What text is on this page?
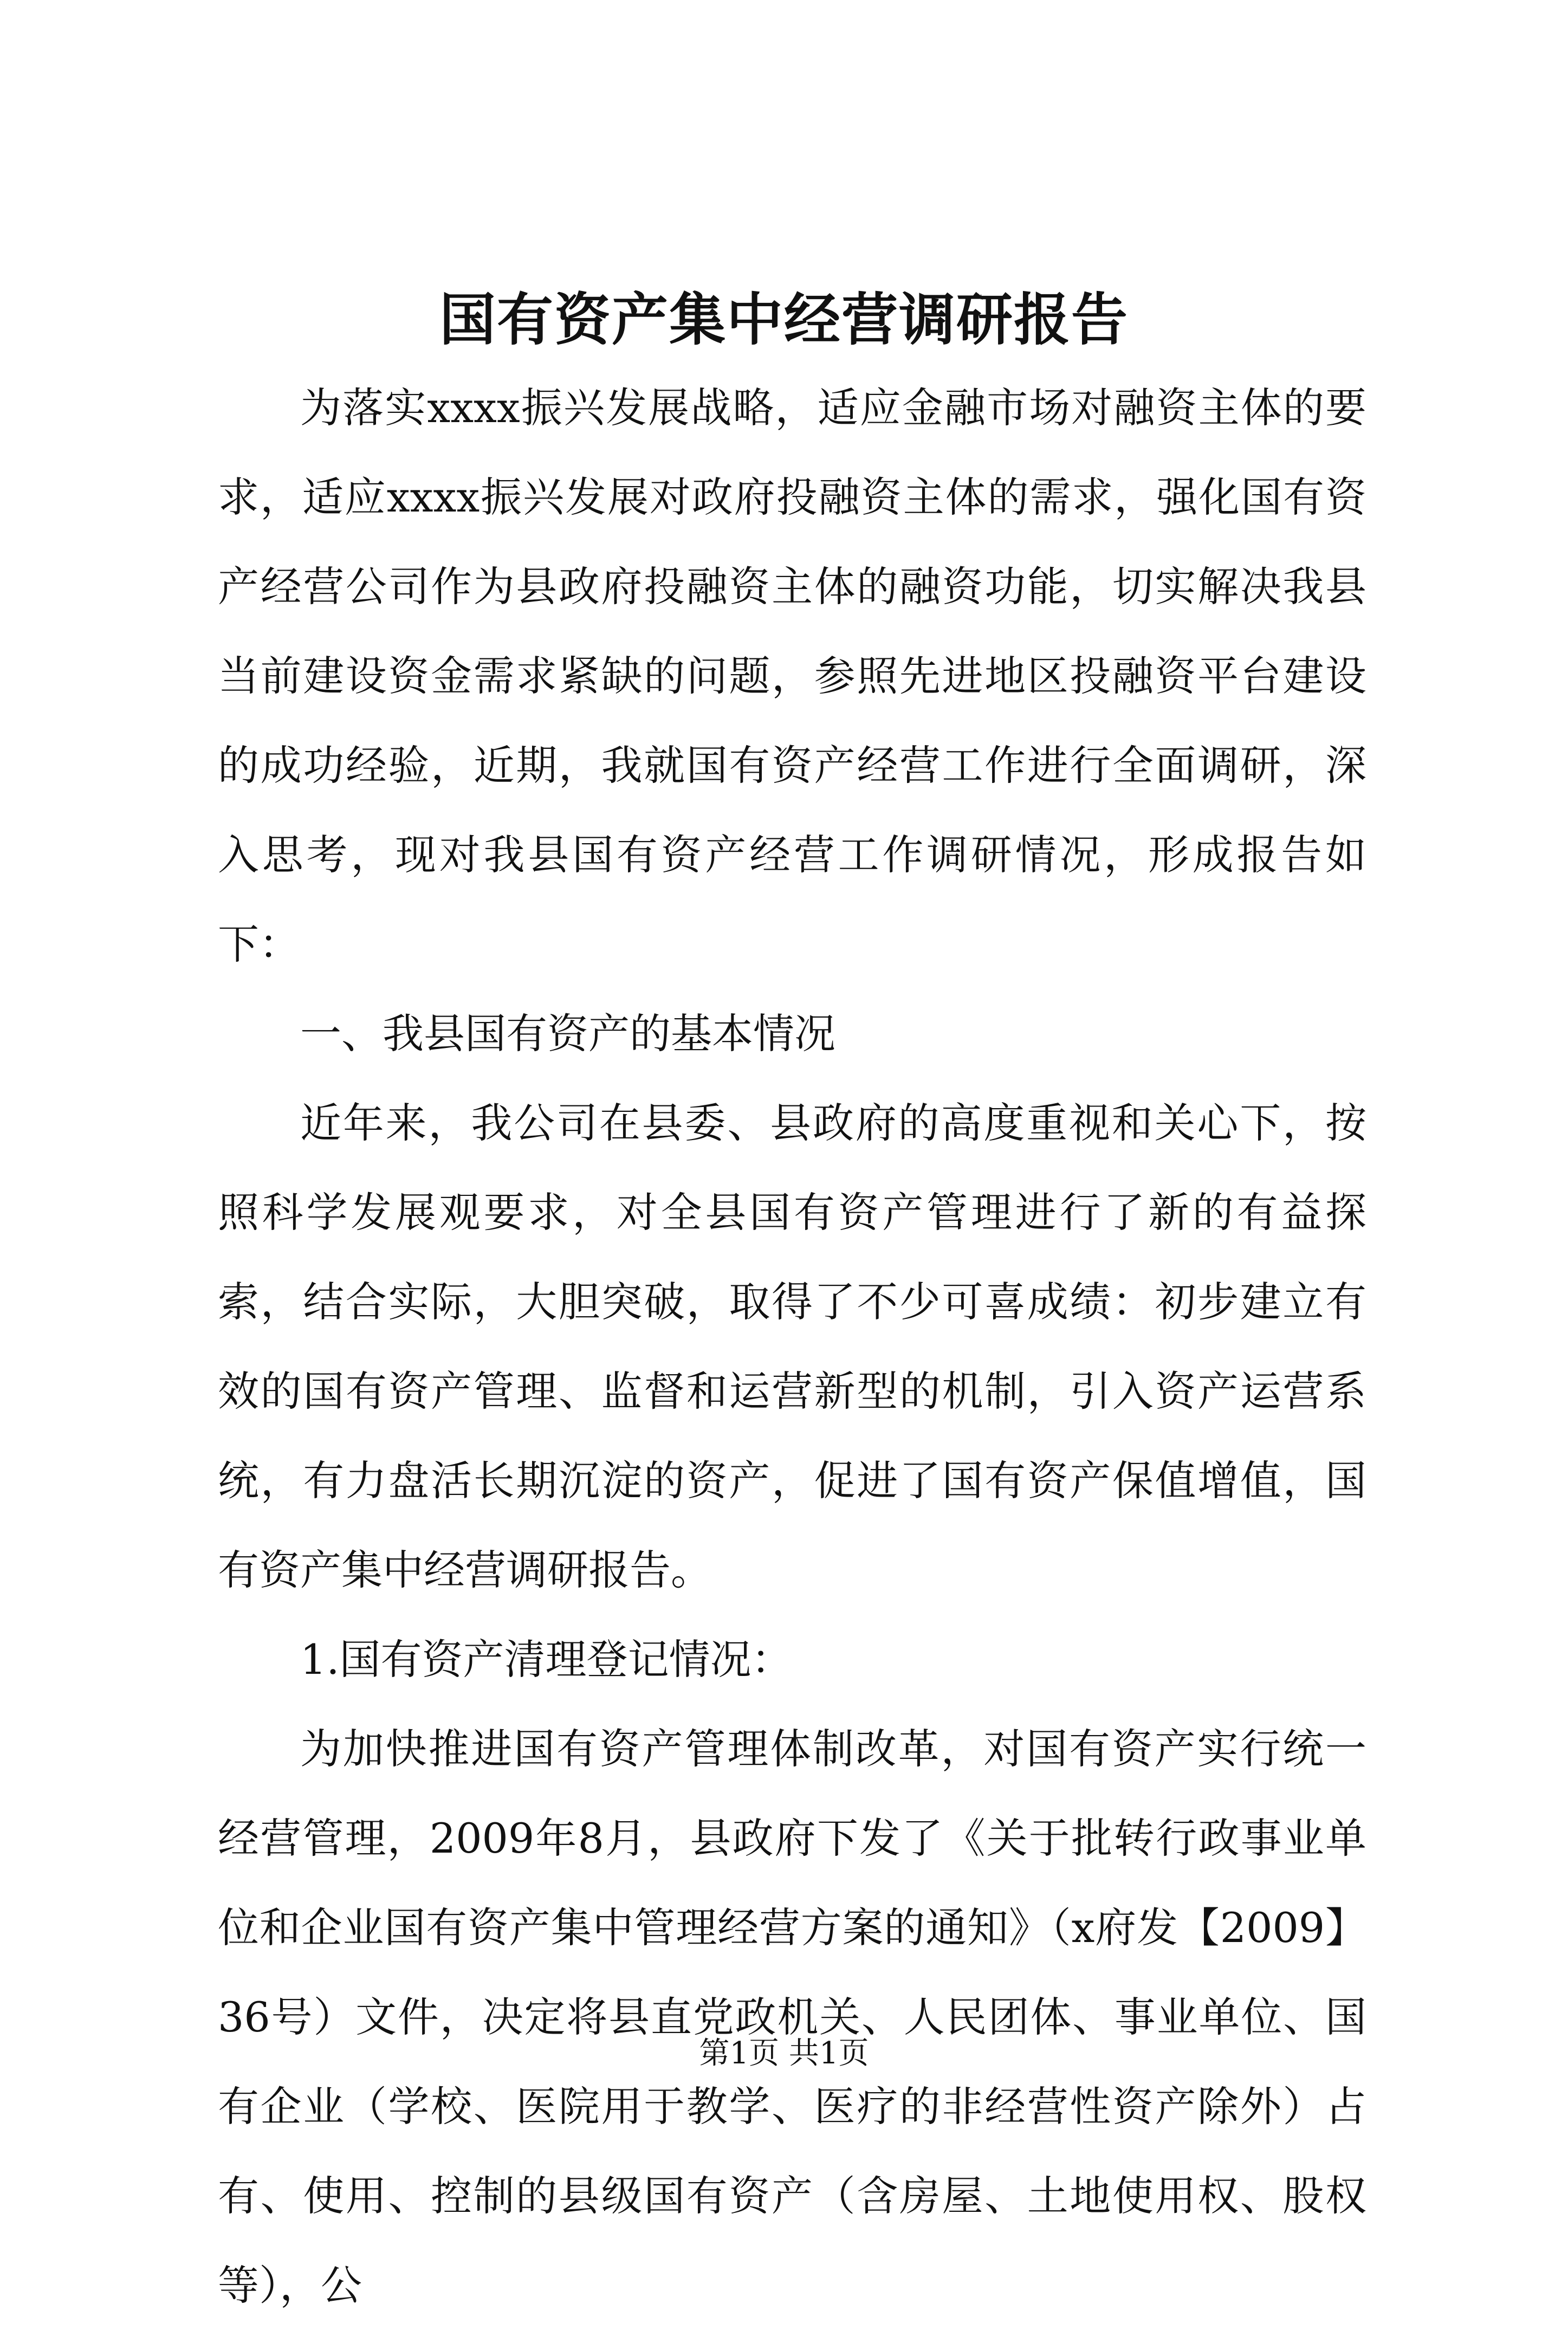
国有资产集中经营调研报告

为落实xxxx振兴发展战略，适应金融市场对融资主体的要求，适应xxxx振兴发展对政府投融资主体的需求，强化国有资产经营公司作为县政府投融资主体的融资功能，切实解决我县当前建设资金需求紧缺的问题，参照先进地区投融资平台建设的成功经验，近期，我就国有资产经营工作进行全面调研，深入思考，现对我县国有资产经营工作调研情况，形成报告如下：

一、我县国有资产的基本情况

近年来，我公司在县委、县政府的高度重视和关心下，按照科学发展观要求，对全县国有资产管理进行了新的有益探索，结合实际，大胆突破，取得了不少可喜成绩：初步建立有效的国有资产管理、监督和运营新型的机制，引入资产运营系统，有力盘活长期沉淀的资产，促进了国有资产保值增值，国有资产集中经营调研报告。

1.国有资产清理登记情况：

为加快推进国有资产管理体制改革，对国有资产实行统一经营管理，2009年8月，县政府下发了《关于批转行政事业单位和企业国有资产集中管理经营方案的通知》（x府发【2009】36号）文件，决定将县直党政机关、人民团体、事业单位、国有企业（学校、医院用于教学、医疗的非经营性资产除外）占有、使用、控制的县级国有资产（含房屋、土地使用权、股权等），公

第1页 共1页
